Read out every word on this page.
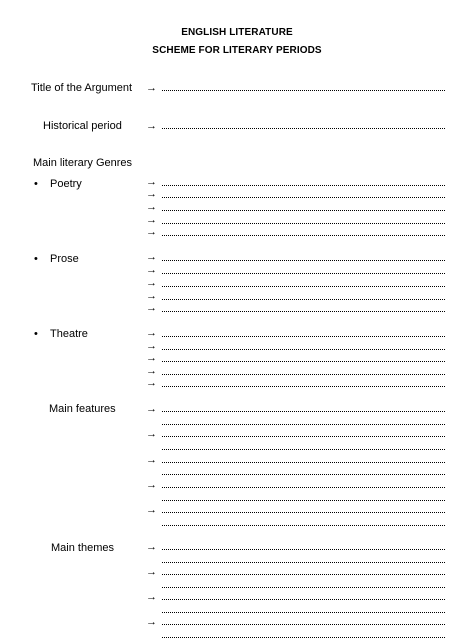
ENGLISH LITERATURE
SCHEME FOR LITERARY PERIODS
Title of the Argument
Historical period
Main literary Genres
• Poetry
• Prose
• Theatre
Main features
Main themes
→
→
→
→
→
→
→
→
→
→
→
→
→
→
→
→
→
→
→
→
→
→
→
→
→
→
